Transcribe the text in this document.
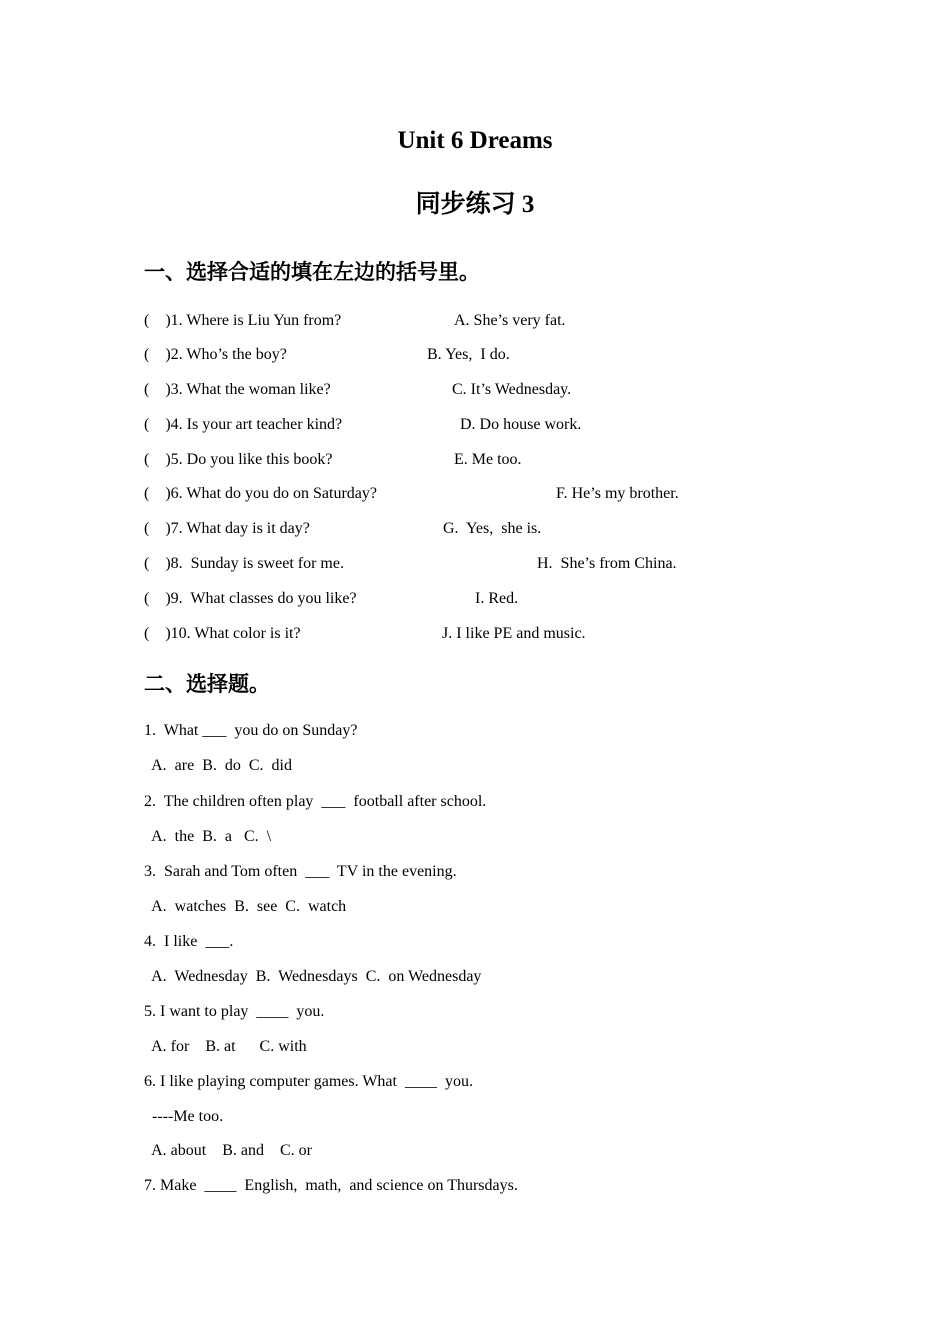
Unit 6 Dreams
同步练习 3
一、选择合适的填在左边的括号里。
(    )1. Where is Liu Yun from?
(    )2. Who’s the boy?
(    )3. What the woman like?
(    )4. Is your art teacher kind?
(    )5. Do you like this book?
(    )6. What do you do on Saturday?
(    )7. What day is it day?
(    )8.  Sunday is sweet for me.
(    )9.  What classes do you like?
(    )10. What color is it?
A. She’s very fat.
B. Yes,  I do.
C. It’s Wednesday.
D. Do house work.
E. Me too.
F. He’s my brother.
G.  Yes,  she is.
H.  She’s from China.
I. Red.
J. I like PE and music.
二、选择题。
1.  What ___  you do on Sunday?
A.  are  B.  do  C.  did
2.  The children often play  ___  football after school.
A.  the  B.  a   C.  \
3.  Sarah and Tom often  ___  TV in the evening.
A.  watches  B.  see  C.  watch
4.  I like  ___.
A.  Wednesday  B.  Wednesdays  C.  on Wednesday
5. I want to play  ____  you.
A. for    B. at      C. with
6. I like playing computer games. What  ____  you.
----Me too.
A. about    B. and    C. or
7. Make  ____  English,  math,  and science on Thursdays.
